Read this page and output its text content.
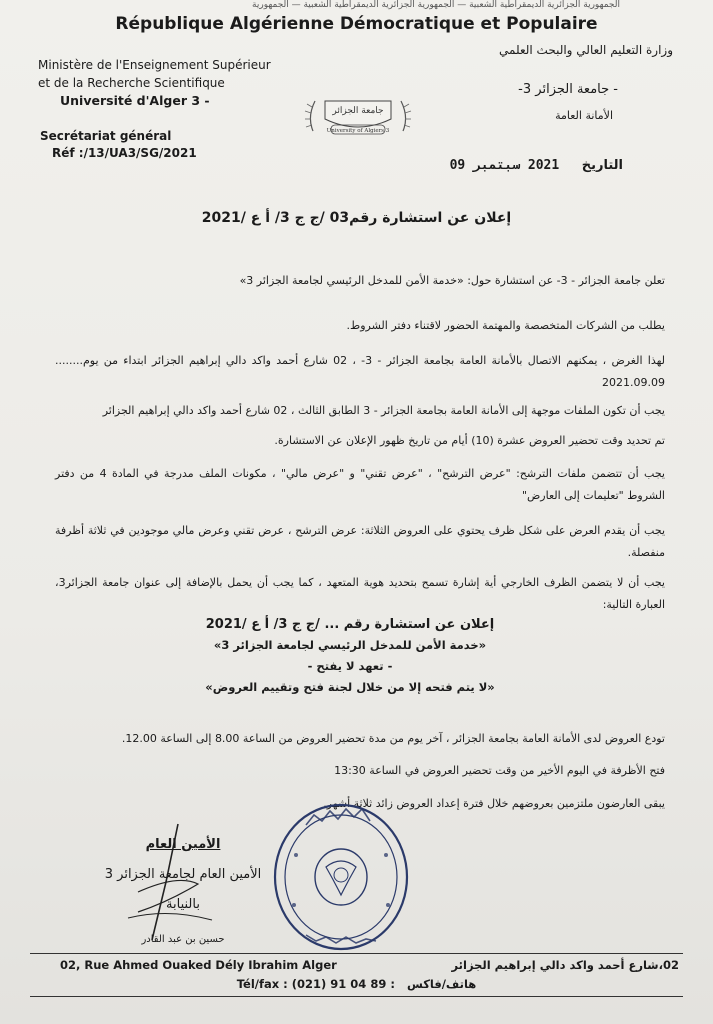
الجمهورية الجزائرية الديمقراطية الشعبية — الجمهورية الجزائرية الديمقراطية الشعبية — الجمهورية
République Algérienne Démocratique et Populaire
Ministère de l'Enseignement Supérieur
et de la Recherche Scientifique
Université d'Alger 3 -
Secrétariat général
Réf :/13/UA3/SG/2021
وزارة التعليم العالي والبحث العلمي
- جامعة الجزائر 3-
الأمانة العامة
جامعة الجزائر
University of Algiers 3
التاريخ 2021 سبتمبر 09
إعلان عن استشارة رقم03 /ج ج 3/ أ ع /2021
تعلن جامعة الجزائر - 3- عن استشارة حول: «خدمة الأمن للمدخل الرئيسي لجامعة الجزائر 3»
يطلب من الشركات المتخصصة والمهتمة الحضور لاقتناء دفتر الشروط.
لهذا الغرض ، يمكنهم الاتصال بالأمانة العامة بجامعة الجزائر - 3- ، 02 شارع أحمد واكد دالي إبراهيم الجزائر ابتداء من يوم........ 2021.09.09
يجب أن تكون الملفات موجهة إلى الأمانة العامة بجامعة الجزائر - 3 الطابق الثالث ، 02 شارع أحمد واكد دالي إبراهيم الجزائر
تم تحديد وقت تحضير العروض عشرة (10) أيام من تاريخ ظهور الإعلان عن الاستشارة.
يجب أن تتضمن ملفات الترشح: "عرض الترشح" ، "عرض تقني" و "عرض مالي" ، مكونات الملف مدرجة في المادة 4 من دفتر الشروط "تعليمات إلى العارض"
يجب أن يقدم العرض على شكل ظرف يحتوي على العروض الثلاثة: عرض الترشح ، عرض تقني وعرض مالي موجودين في ثلاثة أظرفة منفصلة.
يجب أن لا يتضمن الظرف الخارجي أية إشارة تسمح بتحديد هوية المتعهد ، كما يجب أن يحمل بالإضافة إلى عنوان جامعة الجزائر3، العبارة التالية:
إعلان عن استشارة رقم ... /ج ج 3/ أ ع /2021
«خدمة الأمن للمدخل الرئيسي لجامعة الجزائر 3»
- تعهد لا يفتح -
«لا يتم فتحه إلا من خلال لجنة فتح وتقييم العروض»
تودع العروض لدى الأمانة العامة بجامعة الجزائر ، آخر يوم من مدة تحضير العروض من الساعة 8.00 إلى الساعة 12.00.
فتح الأظرفة في اليوم الأخير من وقت تحضير العروض في الساعة 13:30
يبقى العارضون ملتزمين بعروضهم خلال فترة إعداد العروض زائد ثلاثة أشهر.
الأمين العام
الأمين العام لجامعة الجزائر 3
بالنيابة
حسين بن عبد القادر
02, Rue Ahmed Ouaked Dély Ibrahim Alger	02،شارع أحمد واكد دالي إبراهيم الجزائر
Tél/fax : (021) 91 04 89 : هاتف/فاكس
